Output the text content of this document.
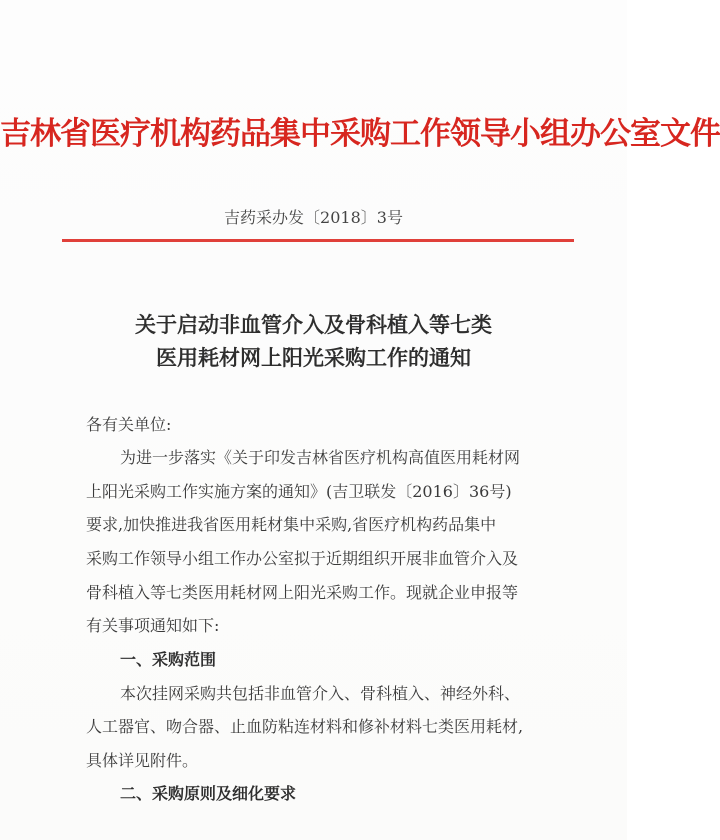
吉林省医疗机构药品集中采购工作领导小组办公室文件
吉药采办发〔2018〕3号
关于启动非血管介入及骨科植入等七类
医用耗材网上阳光采购工作的通知
各有关单位:
为进一步落实《关于印发吉林省医疗机构高值医用耗材网
上阳光采购工作实施方案的通知》(吉卫联发〔2016〕36号)
要求,加快推进我省医用耗材集中采购,省医疗机构药品集中
采购工作领导小组工作办公室拟于近期组织开展非血管介入及
骨科植入等七类医用耗材网上阳光采购工作。现就企业申报等
有关事项通知如下:
一、采购范围
本次挂网采购共包括非血管介入、骨科植入、神经外科、
人工器官、吻合器、止血防粘连材料和修补材料七类医用耗材,
具体详见附件。
二、采购原则及细化要求
